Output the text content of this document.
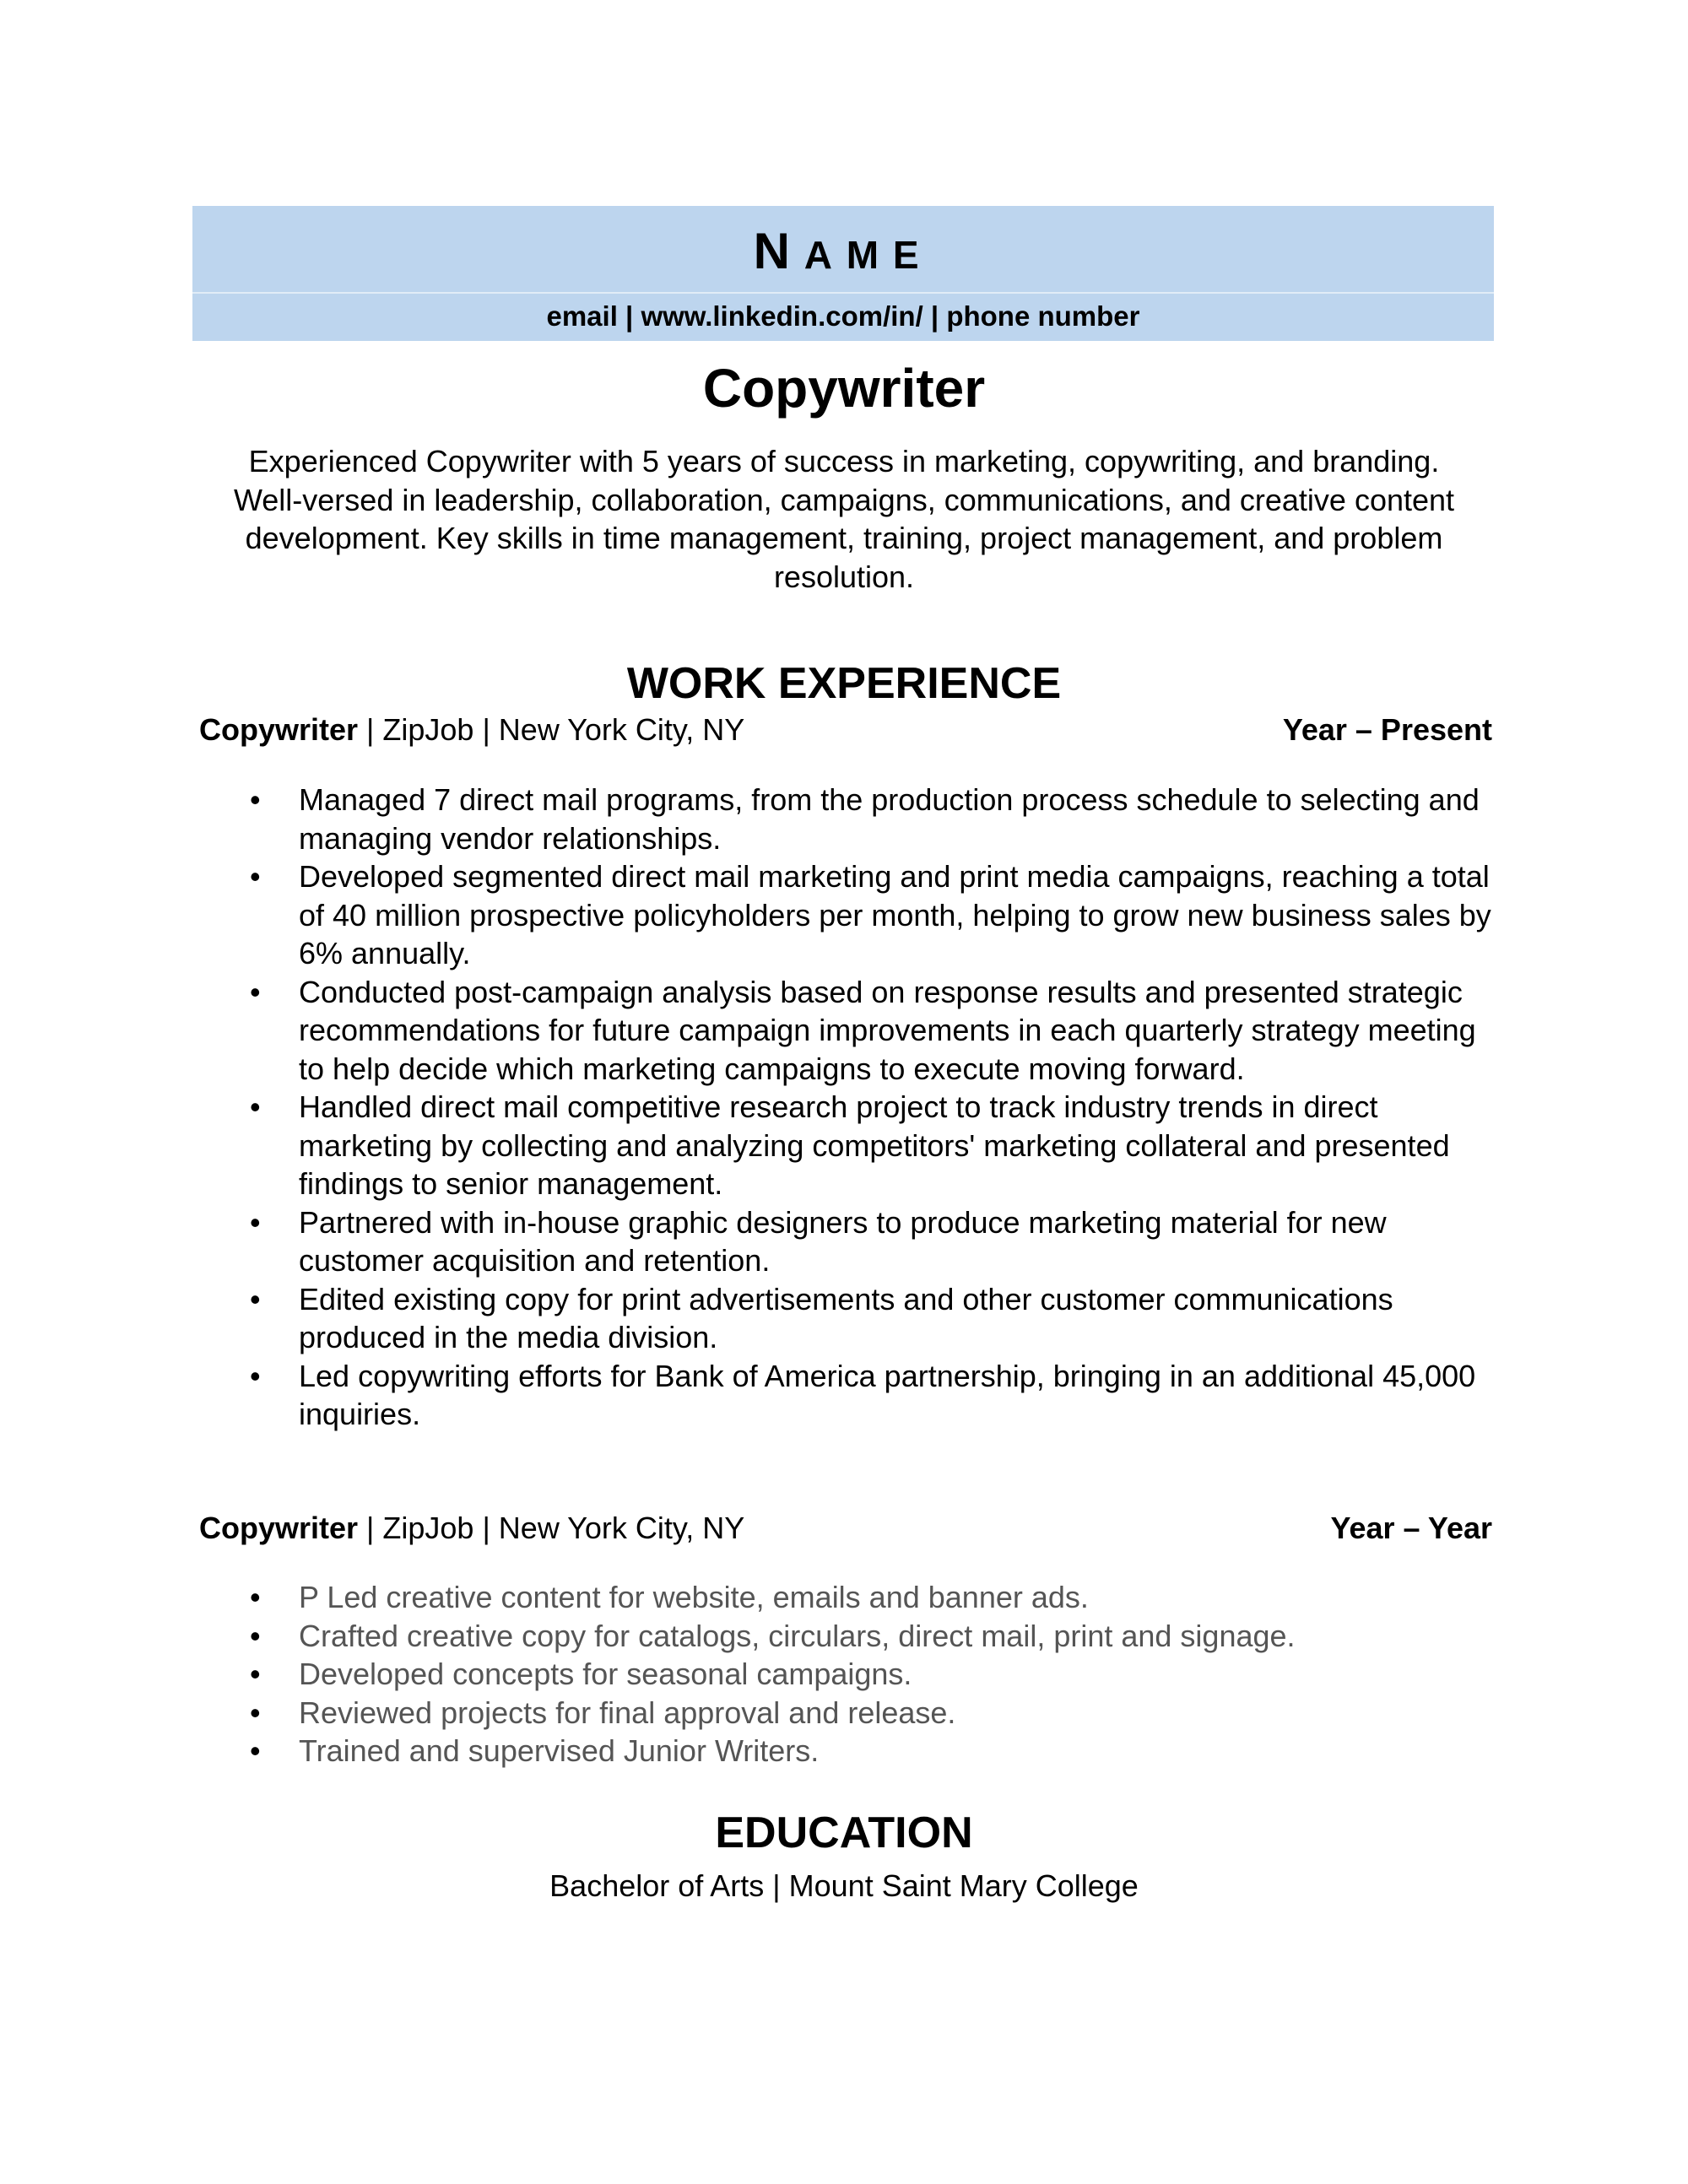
NAME
email | www.linkedin.com/in/ | phone number
Copywriter
Experienced Copywriter with 5 years of success in marketing, copywriting, and branding. Well-versed in leadership, collaboration, campaigns, communications, and creative content development. Key skills in time management, training, project management, and problem resolution.
WORK EXPERIENCE
Copywriter | ZipJob | New York City, NY	Year – Present
•	Managed 7 direct mail programs, from the production process schedule to selecting and managing vendor relationships.
•	Developed segmented direct mail marketing and print media campaigns, reaching a total of 40 million prospective policyholders per month, helping to grow new business sales by 6% annually.
•	Conducted post-campaign analysis based on response results and presented strategic recommendations for future campaign improvements in each quarterly strategy meeting to help decide which marketing campaigns to execute moving forward.
•	Handled direct mail competitive research project to track industry trends in direct marketing by collecting and analyzing competitors' marketing collateral and presented findings to senior management.
•	Partnered with in-house graphic designers to produce marketing material for new customer acquisition and retention.
•	Edited existing copy for print advertisements and other customer communications produced in the media division.
•	Led copywriting efforts for Bank of America partnership, bringing in an additional 45,000 inquiries.
Copywriter | ZipJob | New York City, NY	Year – Year
•	P Led creative content for website, emails and banner ads.
•	Crafted creative copy for catalogs, circulars, direct mail, print and signage.
•	Developed concepts for seasonal campaigns.
•	Reviewed projects for final approval and release.
•	Trained and supervised Junior Writers.
EDUCATION
Bachelor of Arts | Mount Saint Mary College
